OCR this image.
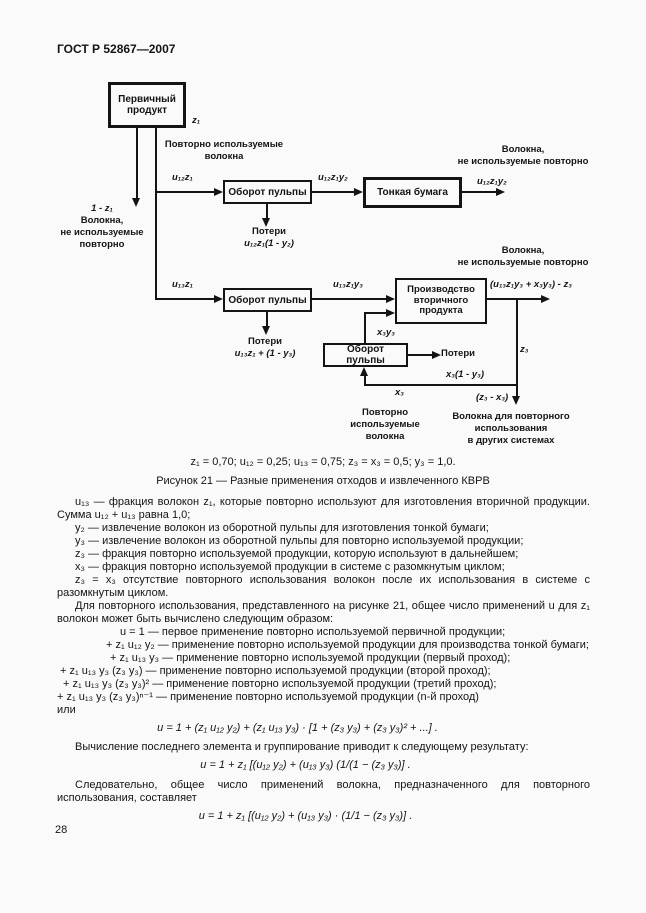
ГОСТ Р 52867—2007
Первичный продукт
Оборот пульпы	Тонкая бумага
Оборот пульпы
Производство вторичного продукта
Оборот пульпы
z₁
u₁₂z₁	u₁₂z₁y₂	u₁₂z₁y₂
u₁₃z₁	u₁₃z₁y₃	(u₁₃z₁y₃ + x₃y₃) - z₃
x₃y₃
z₃
x₃(1 - y₃)
(z₃ - x₃)
x₃
Повторно используемые
волокна
1 - z₁
Волокна,
не используемые
повторно
Волокна,
не используемые повторно
Волокна,
не используемые повторно
Потери
u₁₂z₁(1 - y₂)
Потери
u₁₃z₁ + (1 - y₃)	Потери
Повторно
используемые
волокна
Волокна для повторного
использования
в других системах
z₁ = 0,70; u₁₂ = 0,25; u₁₃ = 0,75; z₃ = x₃ = 0,5; y₃ = 1,0.
Рисунок 21 — Разные применения отходов и извлеченного КВРВ

u₁₃ — фракция волокон z₁, которые повторно используют для изготовления вторичной продукции. Сумма u₁₂ + u₁₃ равна 1,0;

y₂ — извлечение волокон из оборотной пульпы для изготовления тонкой бумаги;

y₃ — извлечение волокон из оборотной пульпы для повторно используемой продукции;

z₃ — фракция повторно используемой продукции, которую используют в дальнейшем;

x₃ — фракция повторно используемой продукции в системе с разомкнутым циклом;

z₃ = x₃ отсутствие повторного использования волокон после их использования в системе с разомкнутым циклом.

Для повторного использования, представленного на рисунке 21, общее число применений u для z₁ волокон может быть вычислено следующим образом:

u = 1 — первое применение повторно используемой первичной продукции;

+ z₁ u₁₂ y₂ — применение повторно используемой продукции для производства тонкой бумаги;

+ z₁ u₁₃ y₃ — применение повторно используемой продукции (первый проход);

+ z₁ u₁₃ y₃ (z₃ y₃) — применение повторно используемой продукции (второй проход);

+ z₁ u₁₃ y₃ (z₃ y₃)² — применение повторно используемой продукции (третий проход);

+ z₁ u₁₃ y₃ (z₃ y₃)ⁿ⁻¹ — применение повторно используемой продукции (n-й проход)

или

u = 1 + (z₁ u₁₂ y₂) + (z₁ u₁₃ y₃) · [1 + (z₃ y₃) + (z₃ y₃)² + ...] .

Вычисление последнего элемента и группирование приводит к следующему результату:

u = 1 + z₁ [(u₁₂ y₂) + (u₁₃ y₃) (1/(1 − (z₃ y₃)] .

Следовательно, общее число применений волокна, предназначенного для повторного использования, составляет

u = 1 + z₁ [(u₁₂ y₂) + (u₁₃ y₃) · (1/1 − (z₃ y₃)] .

28
